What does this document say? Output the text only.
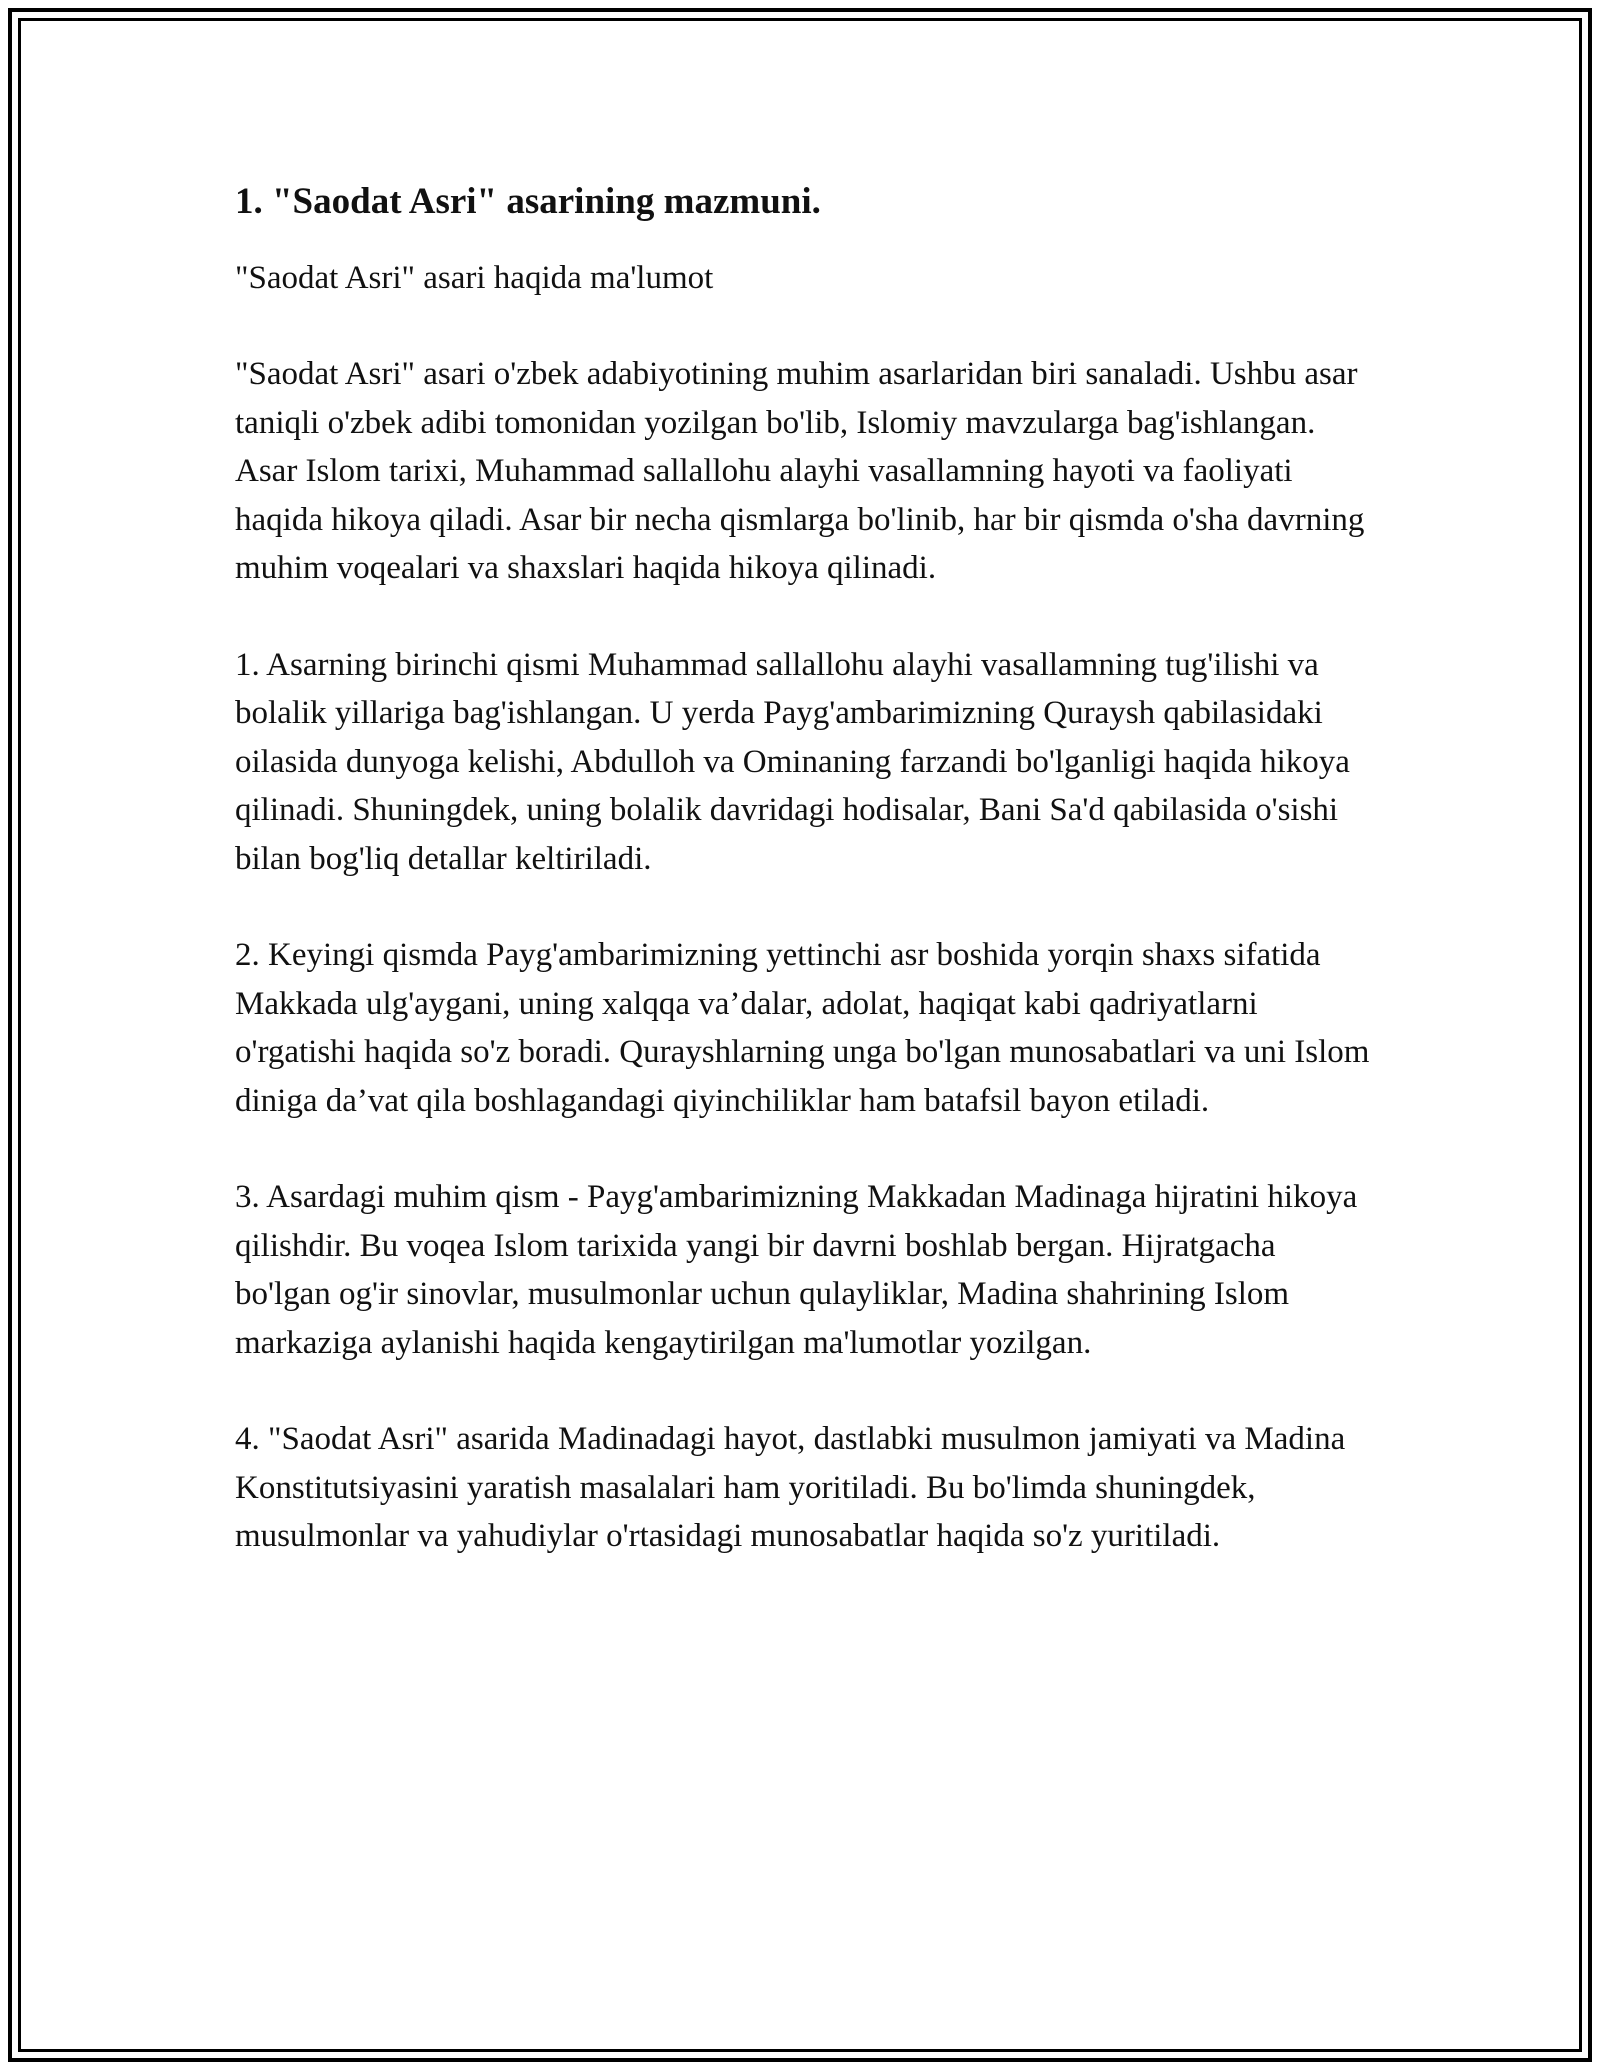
1. "Saodat Asri" asarining mazmuni.

"Saodat Asri" asari haqida ma'lumot

"Saodat Asri" asari o'zbek adabiyotining muhim asarlaridan biri sanaladi. Ushbu asar taniqli o'zbek adibi tomonidan yozilgan bo'lib, Islomiy mavzularga bag'ishlangan. Asar Islom tarixi, Muhammad sallallohu alayhi vasallamning hayoti va faoliyati haqida hikoya qiladi. Asar bir necha qismlarga bo'linib, har bir qismda o'sha davrning muhim voqealari va shaxslari haqida hikoya qilinadi.

1. Asarning birinchi qismi Muhammad sallallohu alayhi vasallamning tug'ilishi va bolalik yillariga bag'ishlangan. U yerda Payg'ambarimizning Quraysh qabilasidaki oilasida dunyoga kelishi, Abdulloh va Ominaning farzandi bo'lganligi haqida hikoya qilinadi. Shuningdek, uning bolalik davridagi hodisalar, Bani Sa'd qabilasida o'sishi bilan bog'liq detallar keltiriladi.

2. Keyingi qismda Payg'ambarimizning yettinchi asr boshida yorqin shaxs sifatida Makkada ulg'aygani, uning xalqqa va’dalar, adolat, haqiqat kabi qadriyatlarni o'rgatishi haqida so'z boradi. Qurayshlarning unga bo'lgan munosabatlari va uni Islom diniga da’vat qila boshlagandagi qiyinchiliklar ham batafsil bayon etiladi.

3. Asardagi muhim qism - Payg'ambarimizning Makkadan Madinaga hijratini hikoya qilishdir. Bu voqea Islom tarixida yangi bir davrni boshlab bergan. Hijratgacha bo'lgan og'ir sinovlar, musulmonlar uchun qulayliklar, Madina shahrining Islom markaziga aylanishi haqida kengaytirilgan ma'lumotlar yozilgan.

4. "Saodat Asri" asarida Madinadagi hayot, dastlabki musulmon jamiyati va Madina Konstitutsiyasini yaratish masalalari ham yoritiladi. Bu bo'limda shuningdek, musulmonlar va yahudiylar o'rtasidagi munosabatlar haqida so'z yuritiladi.
